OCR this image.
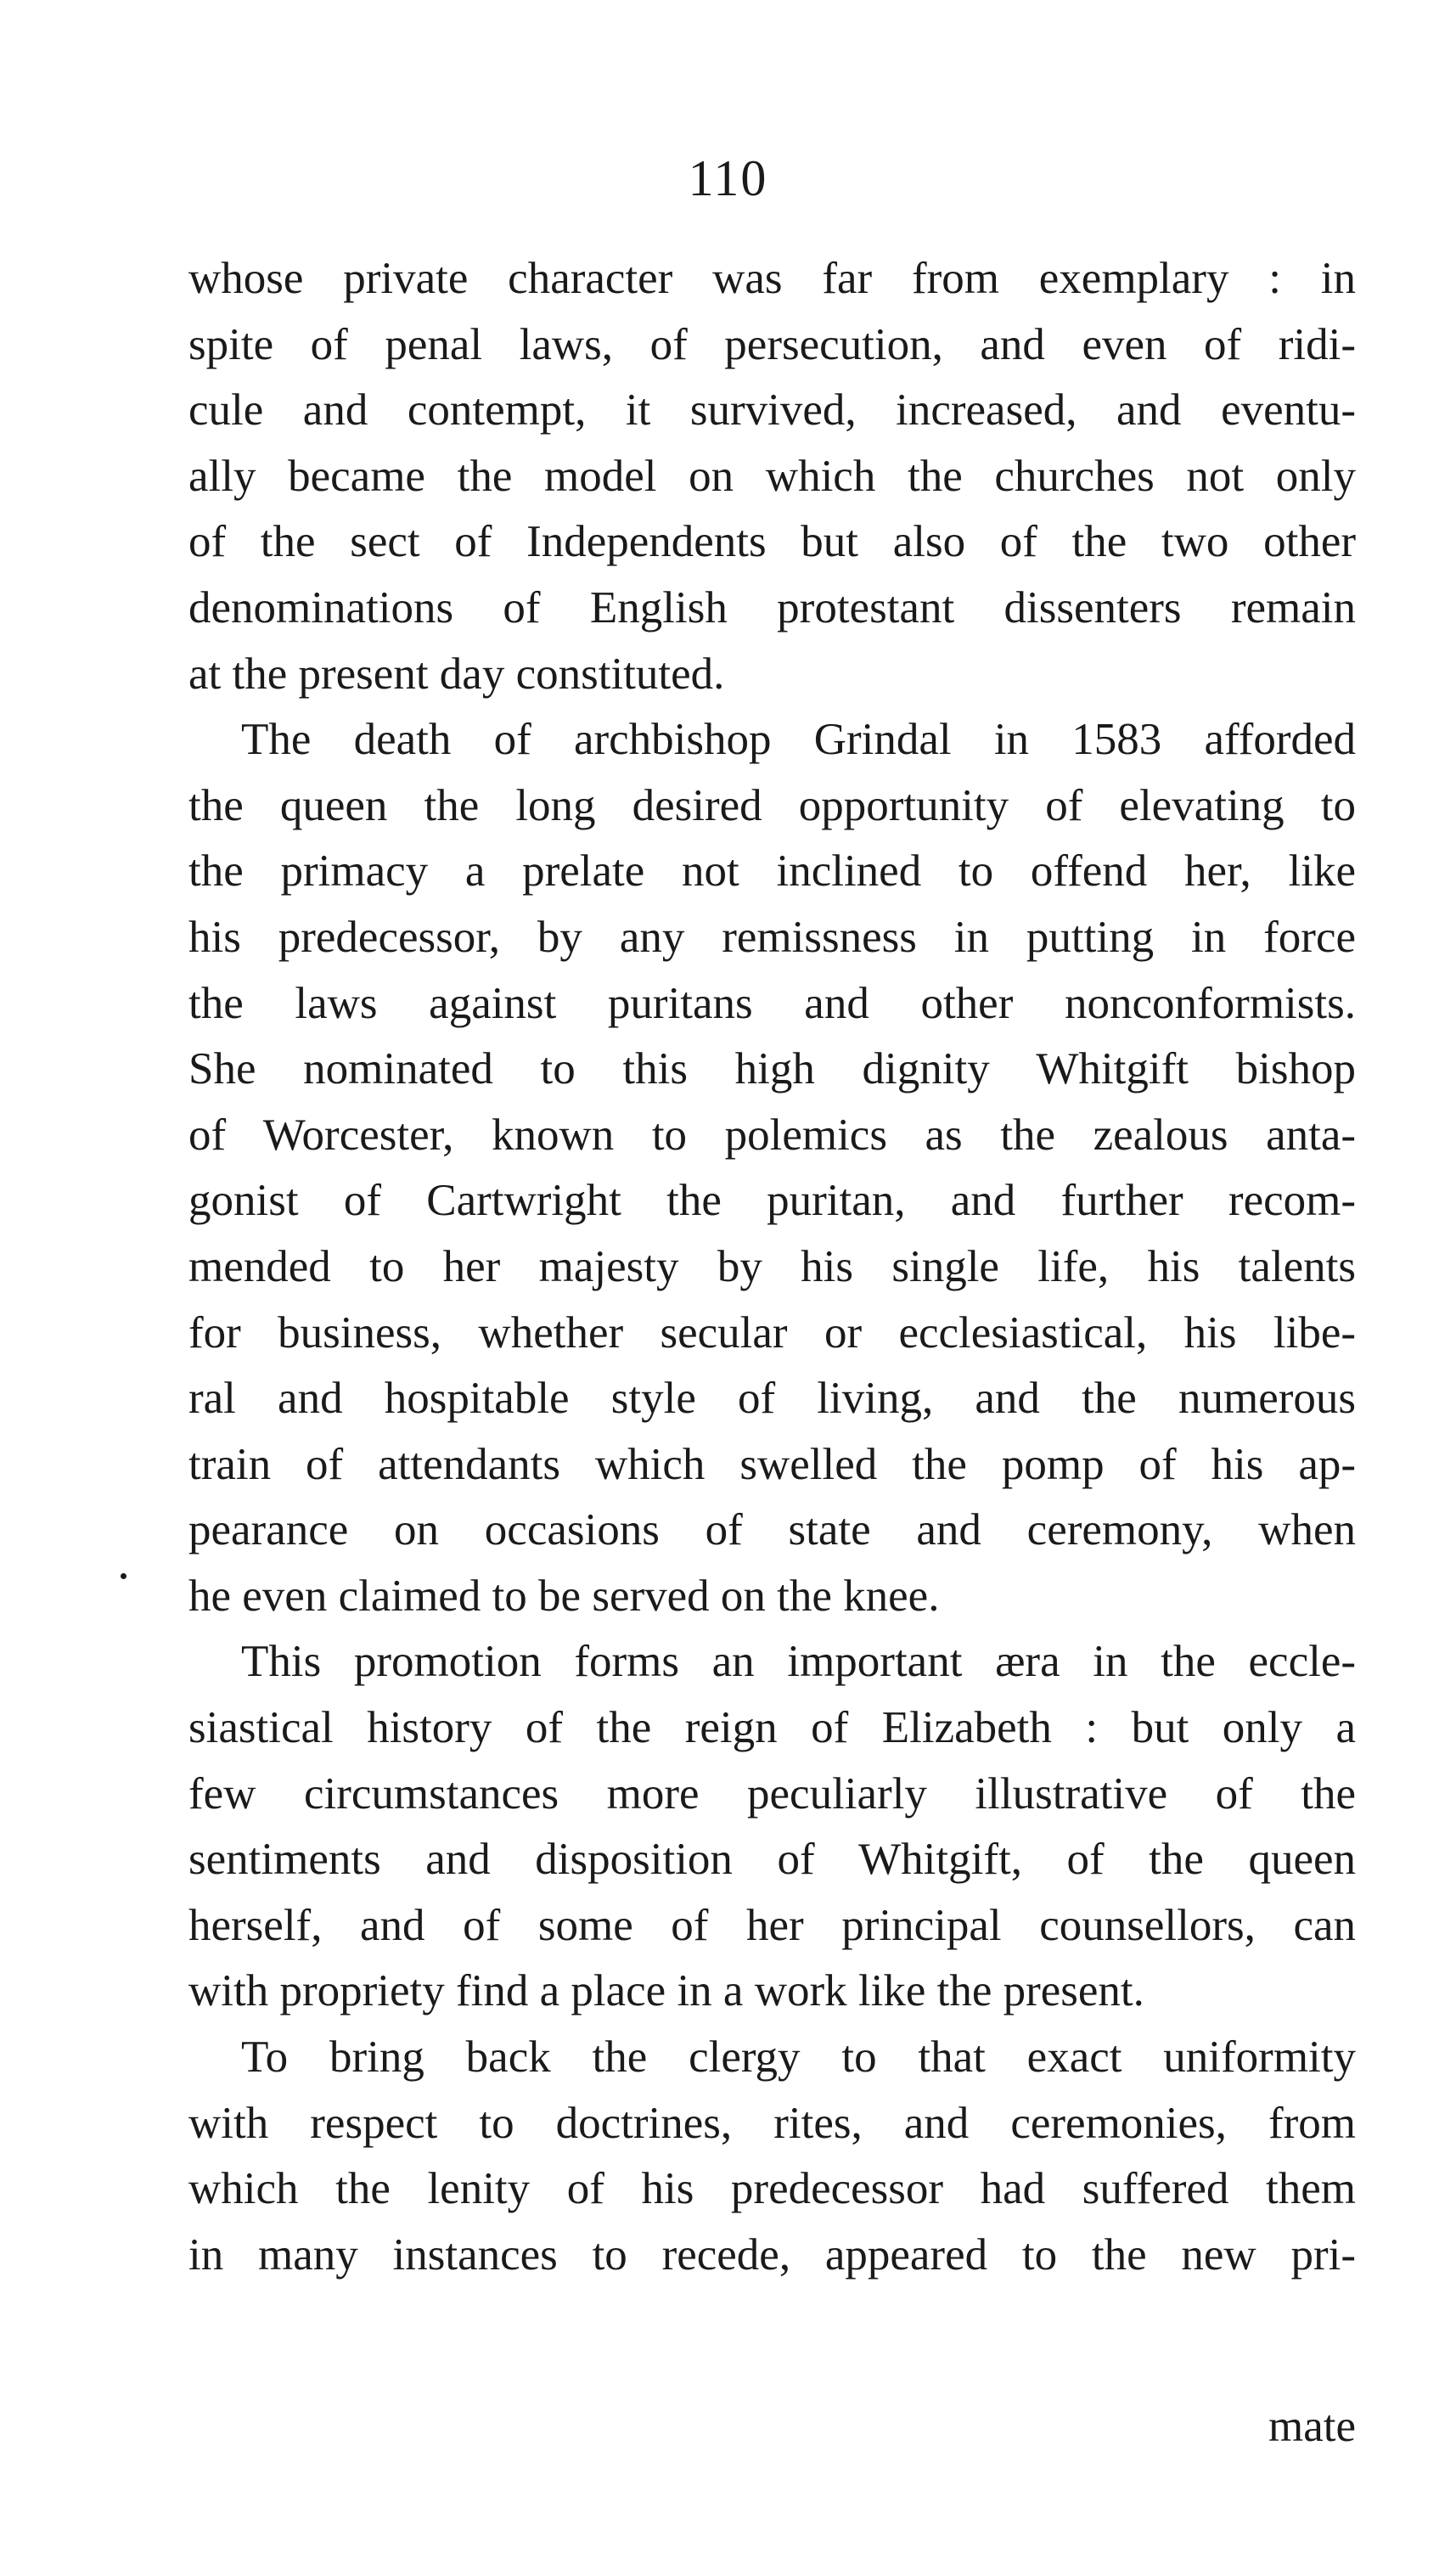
110
whose private character was far from exemplary : in
spite of penal laws, of persecution, and even of ridi-
cule and contempt, it survived, increased, and eventu-
ally became the model on which the churches not only
of the sect of Independents but also of the two other
denominations of English protestant dissenters remain
at the present day constituted.
The death of archbishop Grindal in 1583 afforded
the queen the long desired opportunity of elevating to
the primacy a prelate not inclined to offend her, like
his predecessor, by any remissness in putting in force
the laws against puritans and other nonconformists.
She nominated to this high dignity Whitgift bishop
of Worcester, known to polemics as the zealous anta-
gonist of Cartwright the puritan, and further recom-
mended to her majesty by his single life, his talents
for business, whether secular or ecclesiastical, his libe-
ral and hospitable style of living, and the numerous
train of attendants which swelled the pomp of his ap-
pearance on occasions of state and ceremony, when
he even claimed to be served on the knee.
This promotion forms an important æra in the eccle-
siastical history of the reign of Elizabeth : but only a
few circumstances more peculiarly illustrative of the
sentiments and disposition of Whitgift, of the queen
herself, and of some of her principal counsellors, can
with propriety find a place in a work like the present.
To bring back the clergy to that exact uniformity
with respect to doctrines, rites, and ceremonies, from
which the lenity of his predecessor had suffered them
in many instances to recede, appeared to the new pri-
mate
